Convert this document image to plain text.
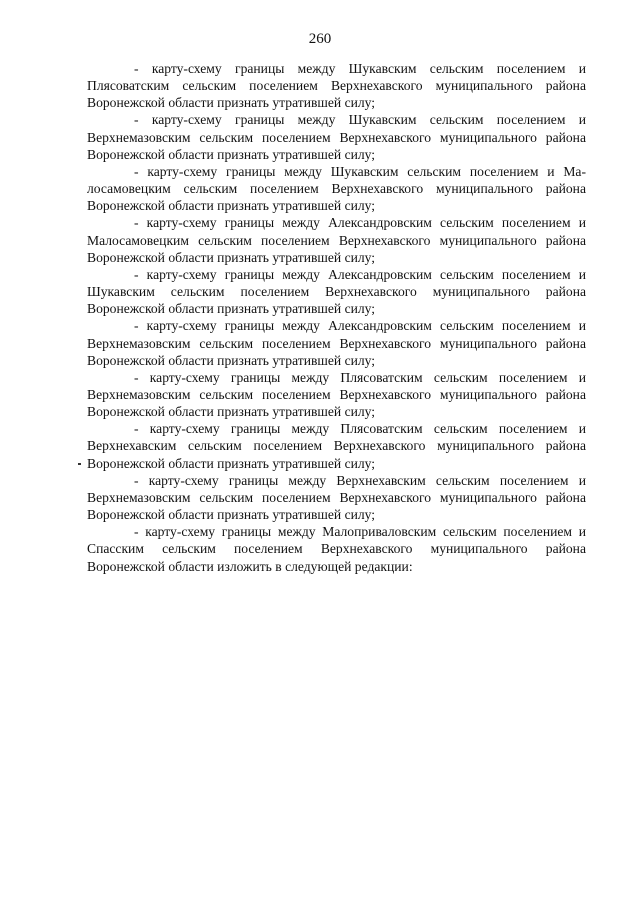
260

- карту-схему границы между Шукавским сельским поселением и Плясоватским сельским поселением Верхнехавского муниципального района Воронежской области признать утратившей силу;

- карту-схему границы между Шукавским сельским поселением и Верхнемазовским сельским поселением Верхнехавского муниципального района Воронежской области признать утратившей силу;

- карту-схему границы между Шукавским сельским поселением и Малосамовецким сельским поселением Верхнехавского муниципального района Воронежской области признать утратившей силу;

- карту-схему границы между Александровским сельским поселением и Малосамовецким сельским поселением Верхнехавского муниципального района Воронежской области признать утратившей силу;

- карту-схему границы между Александровским сельским поселением и Шукавским сельским поселением Верхнехавского муниципального района Воронежской области признать утратившей силу;

- карту-схему границы между Александровским сельским поселением и Верхнемазовским сельским поселением Верхнехавского муниципального района Воронежской области признать утратившей силу;

- карту-схему границы между Плясоватским сельским поселением и Верхнемазовским сельским поселением Верхнехавского муниципального района Воронежской области признать утратившей силу;

- карту-схему границы между Плясоватским сельским поселением и Верхнехавским сельским поселением Верхнехавского муниципального района Воронежской области признать утратившей силу;

- карту-схему границы между Верхнехавским сельским поселением и Верхнемазовским сельским поселением Верхнехавского муниципального района Воронежской области признать утратившей силу;

- карту-схему границы между Малоприваловским сельским поселением и Спасским сельским поселением Верхнехавского муниципального района Воронежской области изложить в следующей редакции:
